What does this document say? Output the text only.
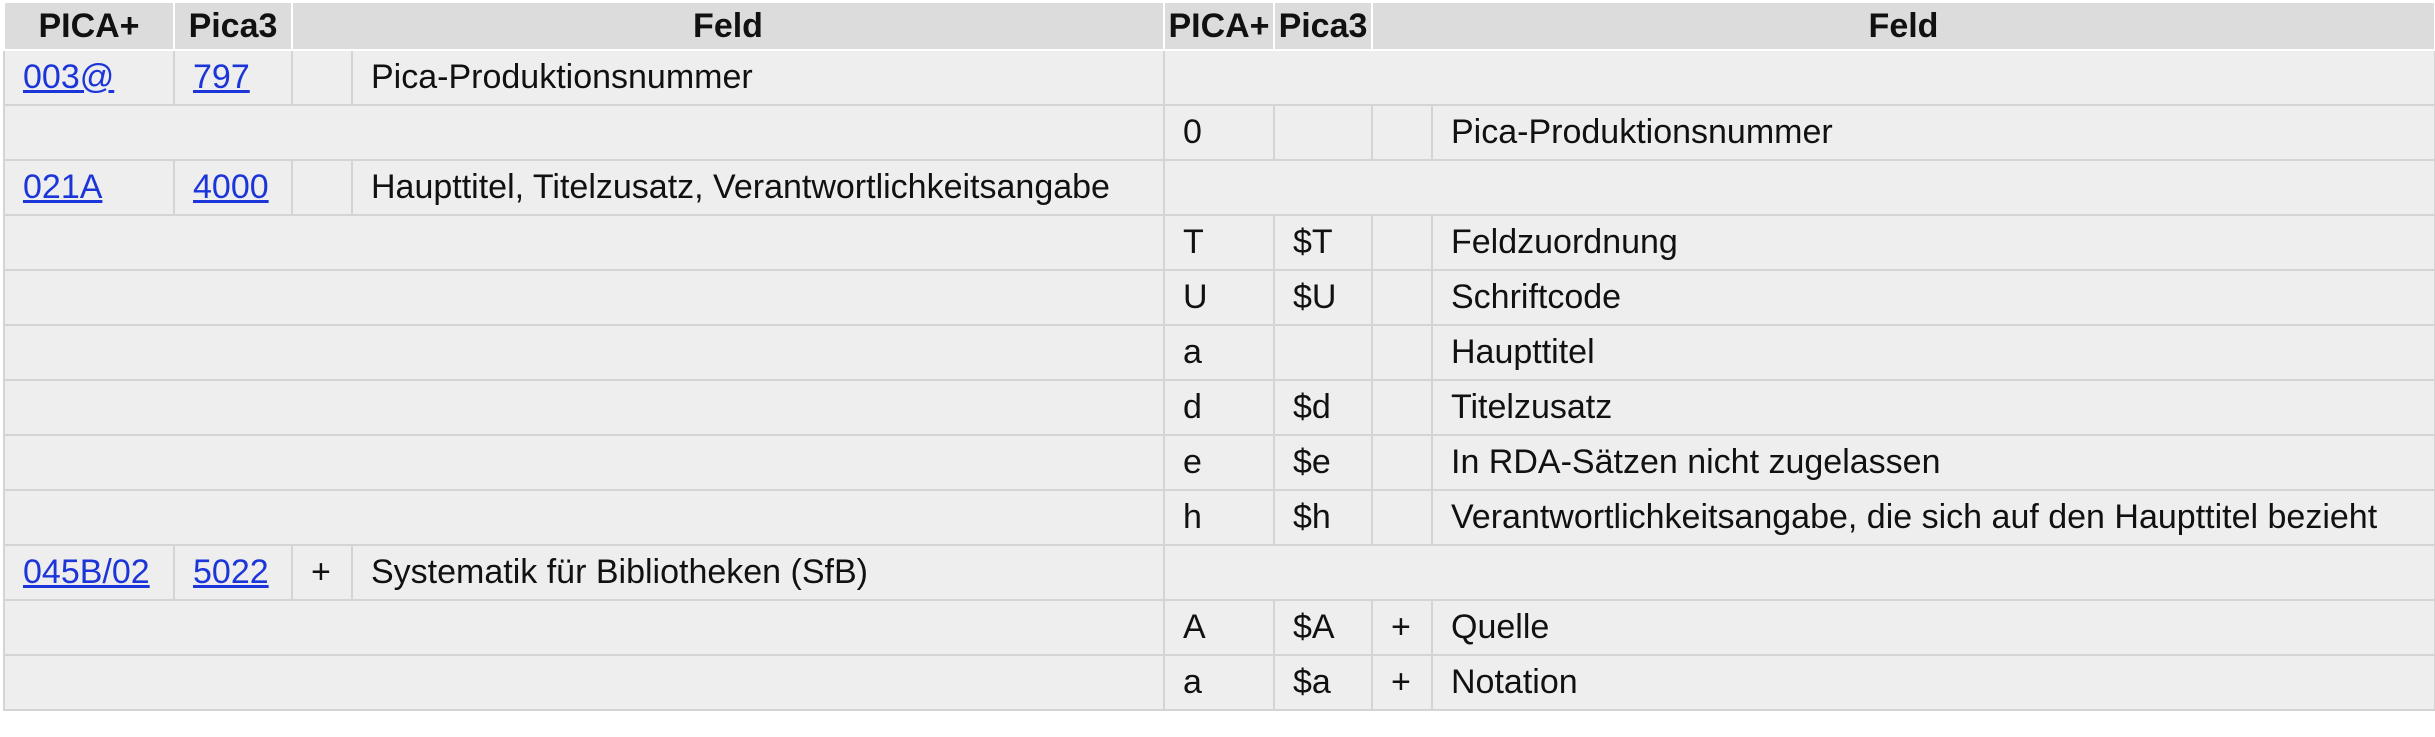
PICA+	Pica3	Feld		PICA+	Pica3	Feld	
003@	797		Pica-Produktionsnummer				
				0			Pica-Produktionsnummer
021A	4000		Haupttitel, Titelzusatz, Verantwortlichkeitsangabe				
				T	$T		Feldzuordnung
				U	$U		Schriftcode
				a			Haupttitel
				d	$d		Titelzusatz
				e	$e		In RDA-Sätzen nicht zugelassen
				h	$h		Verantwortlichkeitsangabe, die sich auf den Haupttitel bezieht
045B/02	5022	+	Systematik für Bibliotheken (SfB)				
				A	$A	+	Quelle
				a	$a	+	Notation
